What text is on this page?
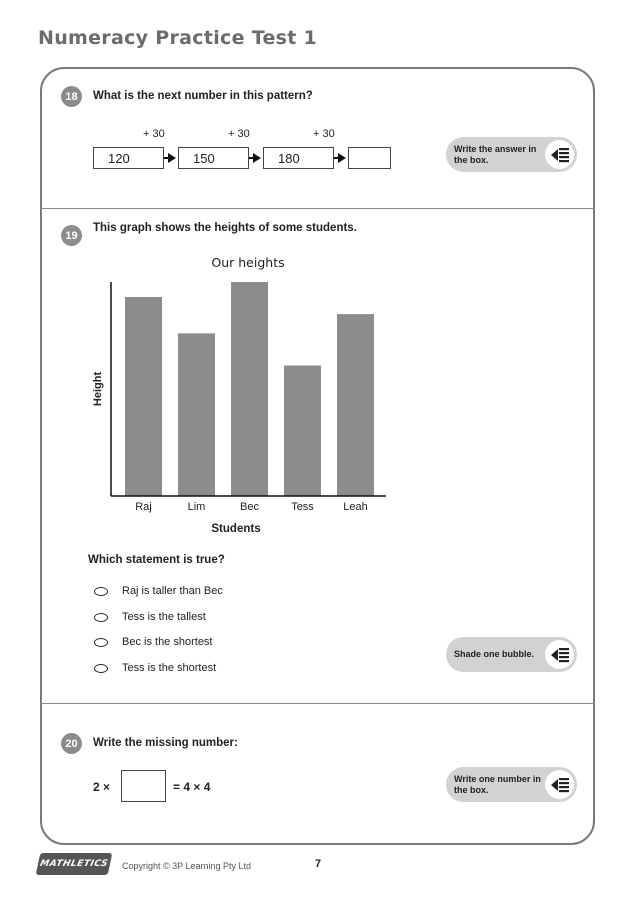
Numeracy Practice Test 1
18	What is the next number in this pattern?
+ 30	+ 30	+ 30
120	150	180
Write the answer in the box.
19
This graph shows the heights of some students.
Our heights
Raj	Lim	Bec	Tess	Leah
Students
Height
Which statement is true?
Raj is taller than Bec
Tess is the tallest
Bec is the shortest
Tess is the shortest
Shade one bubble.
20	Write the missing number:
2 ×	= 4 × 4
Write one number in the box.
MATHLETICS Copyright © 3P Learning Pty Ltd	7
